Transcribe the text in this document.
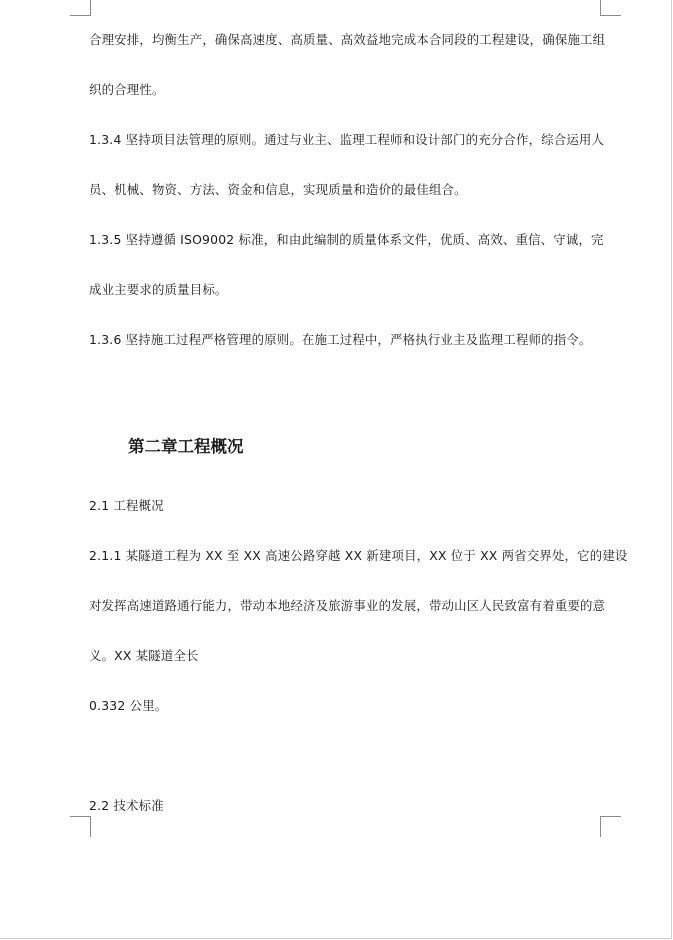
合理安排，均衡生产，确保高速度、高质量、高效益地完成本合同段的工程建设，确保施工组
织的合理性。
1.3.4 坚持项目法管理的原则。通过与业主、监理工程师和设计部门的充分合作，综合运用人
员、机械、物资、方法、资金和信息，实现质量和造价的最佳组合。
1.3.5 坚持遵循 ISO9002 标准，和由此编制的质量体系文件，优质、高效、重信、守诚，完
成业主要求的质量目标。
1.3.6 坚持施工过程严格管理的原则。在施工过程中，严格执行业主及监理工程师的指令。
第二章工程概况
2.1 工程概况
2.1.1 某隧道工程为 XX 至 XX 高速公路穿越 XX 新建项目，XX 位于 XX 两省交界处，它的建设
对发挥高速道路通行能力，带动本地经济及旅游事业的发展，带动山区人民致富有着重要的意
义。XX 某隧道全长
0.332 公里。
2.2 技术标准
